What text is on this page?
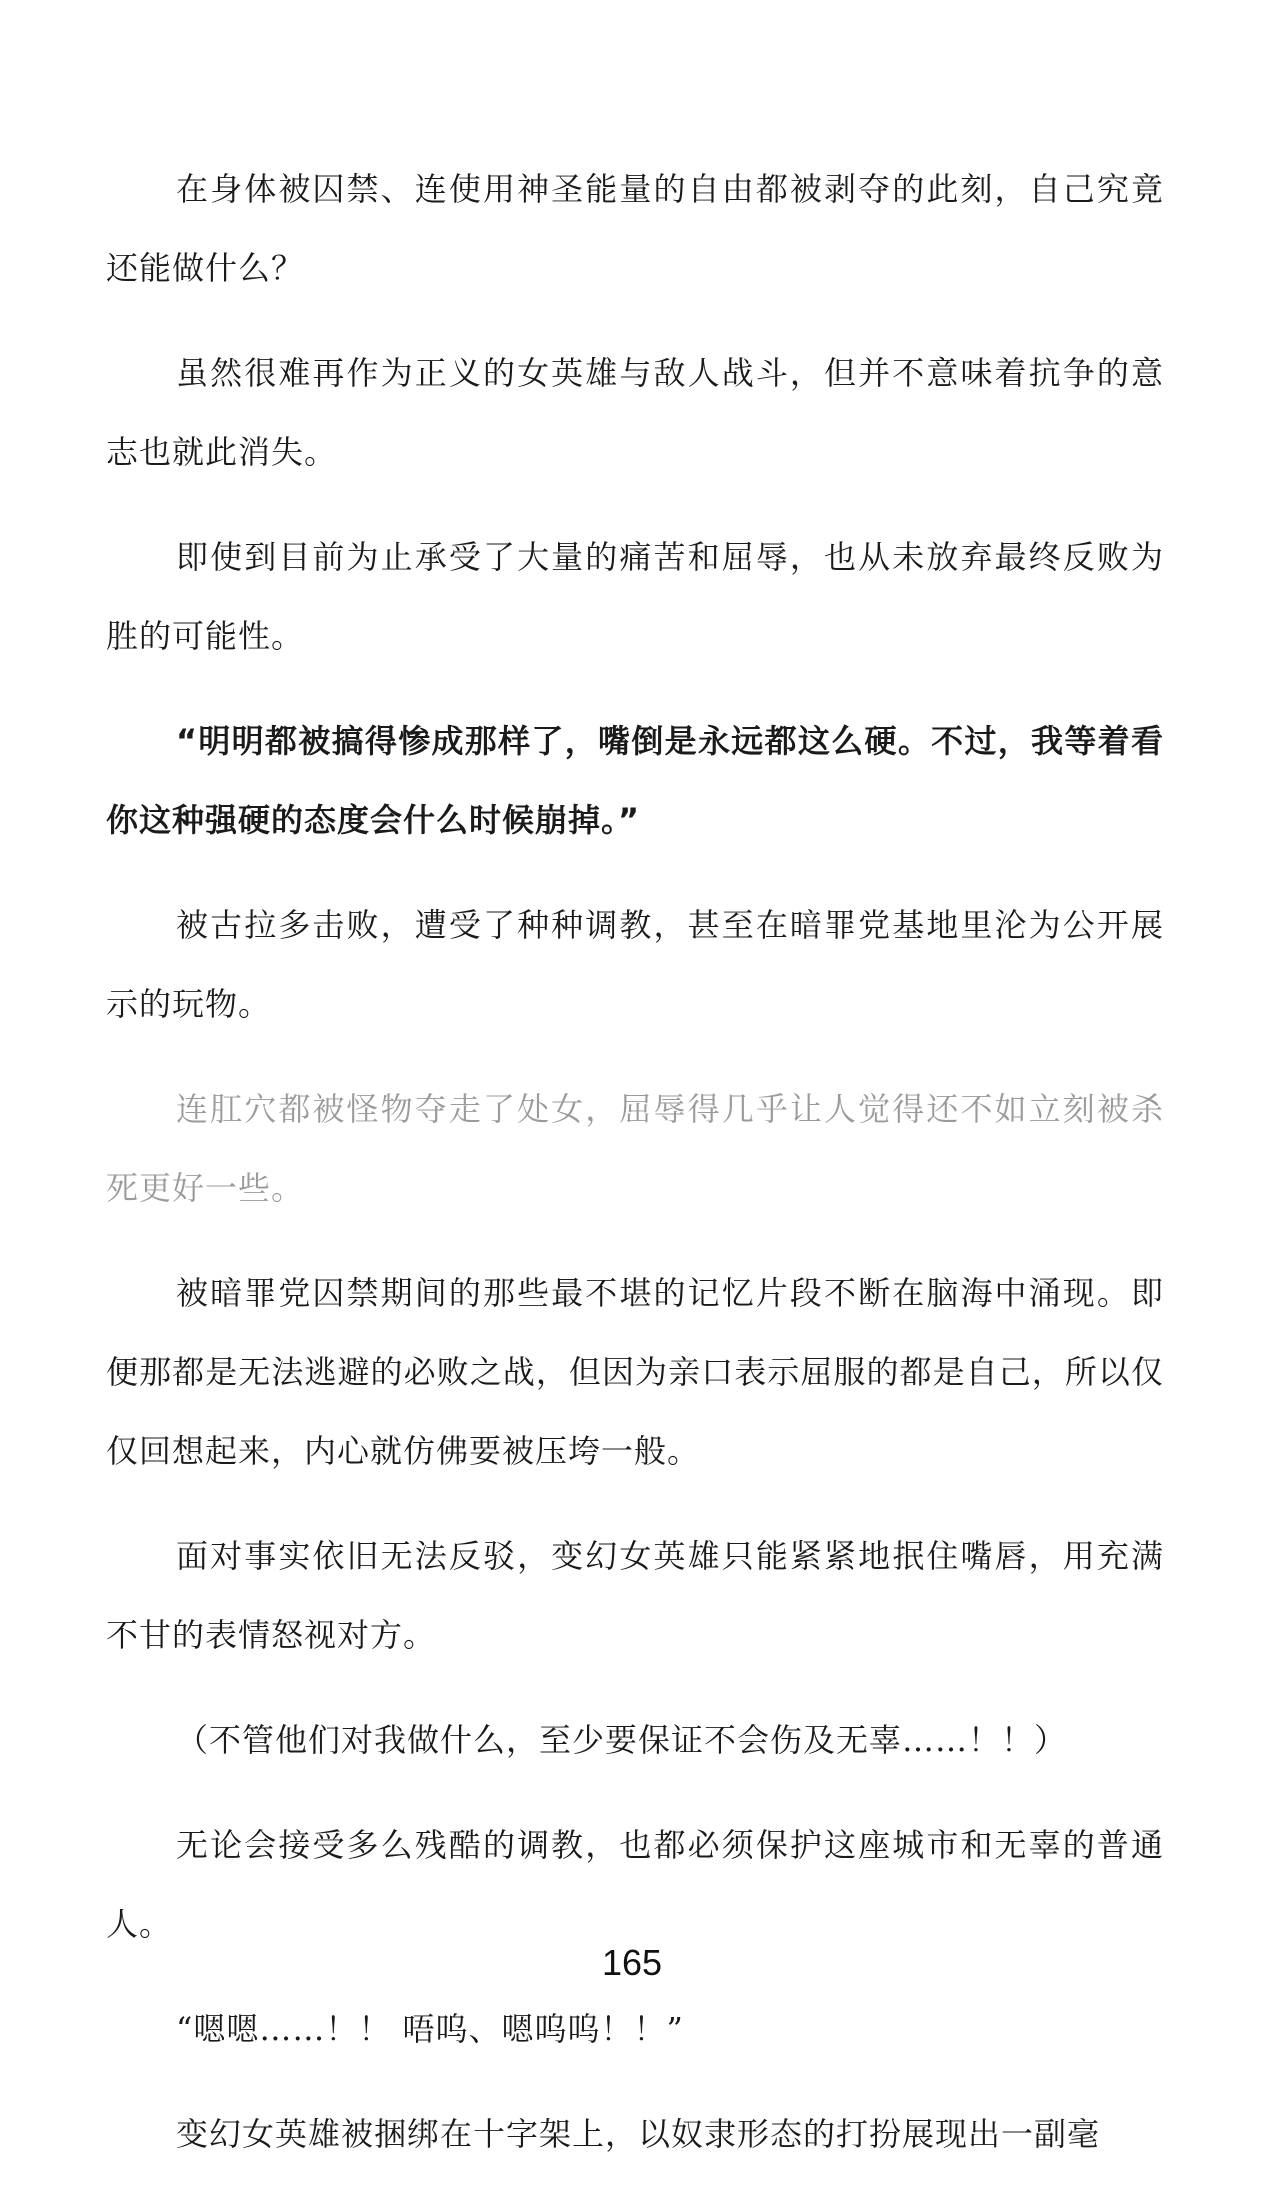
在身体被囚禁、连使用神圣能量的自由都被剥夺的此刻，自己究竟还能做什么？

虽然很难再作为正义的女英雄与敌人战斗，但并不意味着抗争的意志也就此消失。

即使到目前为止承受了大量的痛苦和屈辱，也从未放弃最终反败为胜的可能性。

“明明都被搞得惨成那样了，嘴倒是永远都这么硬。不过，我等着看你这种强硬的态度会什么时候崩掉。”

被古拉多击败，遭受了种种调教，甚至在暗罪党基地里沦为公开展示的玩物。

连肛穴都被怪物夺走了处女，屈辱得几乎让人觉得还不如立刻被杀死更好一些。

被暗罪党囚禁期间的那些最不堪的记忆片段不断在脑海中涌现。即便那都是无法逃避的必败之战，但因为亲口表示屈服的都是自己，所以仅仅回想起来，内心就仿佛要被压垮一般。

面对事实依旧无法反驳，变幻女英雄只能紧紧地抿住嘴唇，用充满不甘的表情怒视对方。

（不管他们对我做什么，至少要保证不会伤及无辜……！！）

无论会接受多么残酷的调教，也都必须保护这座城市和无辜的普通人。

“嗯嗯……！！ 唔呜、嗯呜呜！！”

变幻女英雄被捆绑在十字架上，以奴隶形态的打扮展现出一副毫

165
